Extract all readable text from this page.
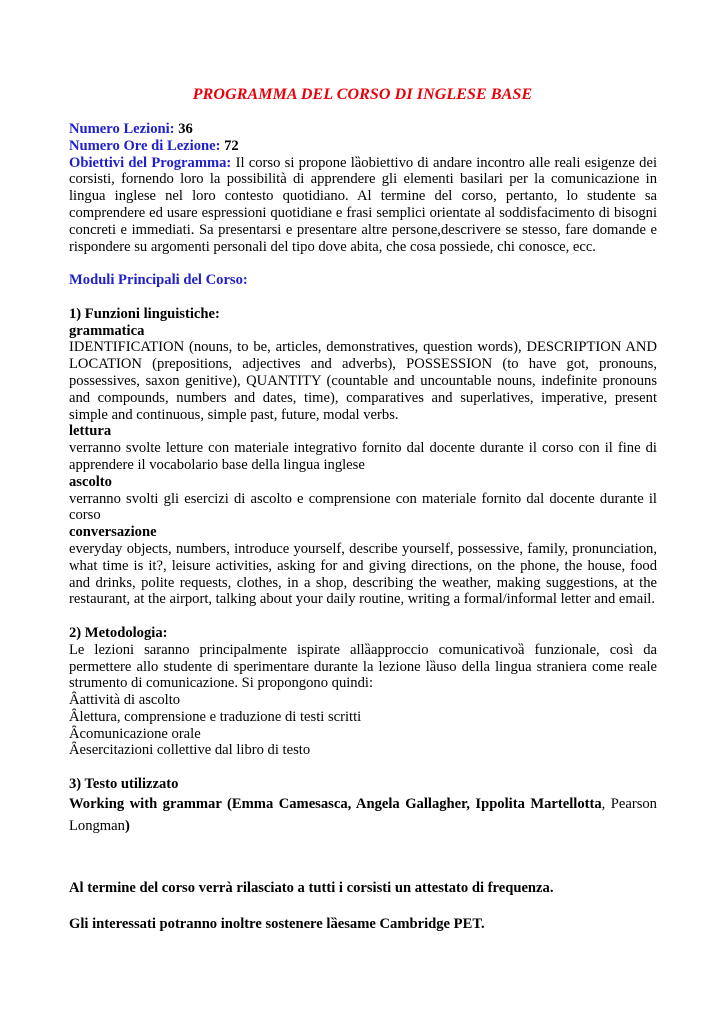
PROGRAMMA DEL CORSO DI INGLESE BASE

Numero Lezioni: 36

Numero Ore di Lezione: 72

Obiettivi del Programma: Il corso si propone lȁobiettivo di andare incontro alle reali esigenze dei corsisti, fornendo loro la possibilità di apprendere gli elementi basilari per la comunicazione in lingua inglese nel loro contesto quotidiano. Al termine del corso, pertanto, lo studente sa comprendere ed usare espressioni quotidiane e frasi semplici orientate al soddisfacimento di bisogni concreti e immediati. Sa presentarsi e presentare altre persone,descrivere se stesso, fare domande e rispondere su argomenti personali del tipo dove abita, che cosa possiede, chi conosce, ecc.

Moduli Principali del Corso:

1) Funzioni linguistiche:

grammatica

IDENTIFICATION (nouns, to be, articles, demonstratives, question words), DESCRIPTION AND LOCATION (prepositions, adjectives and adverbs), POSSESSION (to have got, pronouns, possessives, saxon genitive), QUANTITY (countable and uncountable nouns, indefinite pronouns and compounds, numbers and dates, time), comparatives and superlatives, imperative, present simple and continuous, simple past, future, modal verbs.

lettura

verranno svolte letture con materiale integrativo fornito dal docente durante il corso con il fine di apprendere il vocabolario base della lingua inglese

ascolto

verranno svolti gli esercizi di ascolto e comprensione con materiale fornito dal docente durante il corso

conversazione

everyday objects, numbers, introduce yourself, describe yourself, possessive, family, pronunciation, what time is it?, leisure activities, asking for and giving directions, on the phone, the house, food and drinks, polite requests, clothes, in a shop, describing the weather, making suggestions, at the restaurant, at the airport, talking about your daily routine, writing a formal/informal letter and email.

2) Metodologia:

Le lezioni saranno principalmente ispirate allȁapproccio comunicativoȁ funzionale, così da permettere allo studente di sperimentare durante la lezione lȁuso della lingua straniera come reale strumento di comunicazione. Si propongono quindi:

Ȃattività di ascolto

Ȃlettura, comprensione e traduzione di testi scritti

Ȃcomunicazione orale

Ȃesercitazioni collettive dal libro di testo

3) Testo utilizzato

Working with grammar (Emma Camesasca, Angela Gallagher, Ippolita Martellotta, Pearson Longman)

Al termine del corso verrà rilasciato a tutti i corsisti un attestato di frequenza.

Gli interessati potranno inoltre sostenere lȁesame Cambridge PET.
